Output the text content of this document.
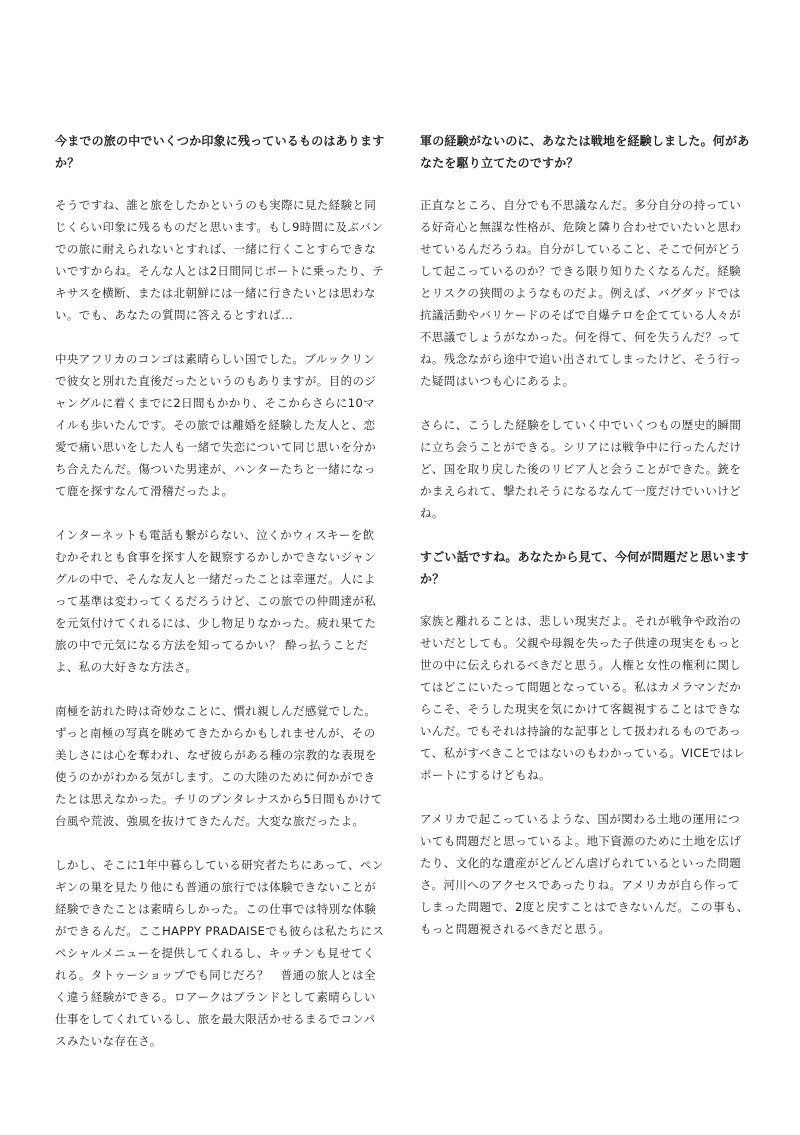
今までの旅の中でいくつか印象に残っているものはありますか？

そうですね、誰と旅をしたかというのも実際に見た経験と同じくらい印象に残るものだと思います。もし9時間に及ぶバンでの旅に耐えられないとすれば、一緒に行くことすらできないですからね。そんな人とは2日間同じボートに乗ったり、テキサスを横断、または北朝鮮には一緒に行きたいとは思わない。でも、あなたの質問に答えるとすれば…

中央アフリカのコンゴは素晴らしい国でした。ブルックリンで彼女と別れた直後だったというのもありますが。目的のジャングルに着くまでに2日間もかかり、そこからさらに10マイルも歩いたんです。その旅では離婚を経験した友人と、恋愛で痛い思いをした人も一緒で失恋について同じ思いを分かち合えたんだ。傷ついた男達が、ハンターたちと一緒になって鹿を探すなんて滑稽だったよ。

インターネットも電話も繋がらない、泣くかウィスキーを飲むかそれとも食事を探す人を観察するかしかできないジャングルの中で、そんな友人と一緒だったことは幸運だ。人によって基準は変わってくるだろうけど、この旅での仲間達が私を元気付けてくれるには、少し物足りなかった。疲れ果てた旅の中で元気になる方法を知ってるかい？ 酔っ払うことだよ、私の大好きな方法さ。

南極を訪れた時は奇妙なことに、慣れ親しんだ感覚でした。ずっと南極の写真を眺めてきたからかもしれませんが、その美しさには心を奪われ、なぜ彼らがある種の宗教的な表現を使うのかがわかる気がします。この大陸のために何かができたとは思えなかった。チリのプンタレナスから5日間もかけて台風や荒波、強風を抜けてきたんだ。大変な旅だったよ。

しかし、そこに1年中暮らしている研究者たちにあって、ペンギンの巣を見たり他にも普通の旅行では体験できないことが経験できたことは素晴らしかった。この仕事では特別な体験ができるんだ。ここHAPPY PRADAISEでも彼らは私たちにスペシャルメニューを提供してくれるし、キッチンも見せてくれる。タトゥーショップでも同じだろ？　普通の旅人とは全く違う経験ができる。ロアークはブランドとして素晴らしい仕事をしてくれているし、旅を最大限活かせるまるでコンパスみたいな存在さ。

軍の経験がないのに、あなたは戦地を経験しました。何があなたを駆り立てたのですか？

正直なところ、自分でも不思議なんだ。多分自分の持っている好奇心と無謀な性格が、危険と隣り合わせでいたいと思わせているんだろうね。自分がしていること、そこで何がどうして起こっているのか？できる限り知りたくなるんだ。経験とリスクの狭間のようなものだよ。例えば、バグダッドでは抗議活動やバリケードのそばで自爆テロを企てている人々が不思議でしょうがなかった。何を得て、何を失うんだ？ってね。残念ながら途中で追い出されてしまったけど、そう行った疑問はいつも心にあるよ。

さらに、こうした経験をしていく中でいくつもの歴史的瞬間に立ち会うことができる。シリアには戦争中に行ったんだけど、国を取り戻した後のリビア人と会うことができた。銃をかまえられて、撃たれそうになるなんて一度だけでいいけどね。

すごい話ですね。あなたから見て、今何が問題だと思いますか？

家族と離れることは、悲しい現実だよ。それが戦争や政治のせいだとしても。父親や母親を失った子供達の現実をもっと世の中に伝えられるべきだと思う。人権と女性の権利に関してはどこにいたって問題となっている。私はカメラマンだからこそ、そうした現実を気にかけて客観視することはできないんだ。でもそれは持論的な記事として扱われるものであって、私がすべきことではないのもわかっている。VICEではレポートにするけどもね。

アメリカで起こっているような、国が関わる土地の運用についても問題だと思っているよ。地下資源のために土地を広げたり、文化的な遺産がどんどん虐げられているといった問題さ。河川へのアクセスであったりね。アメリカが自ら作ってしまった問題で、2度と戻すことはできないんだ。この事も、もっと問題視されるべきだと思う。
